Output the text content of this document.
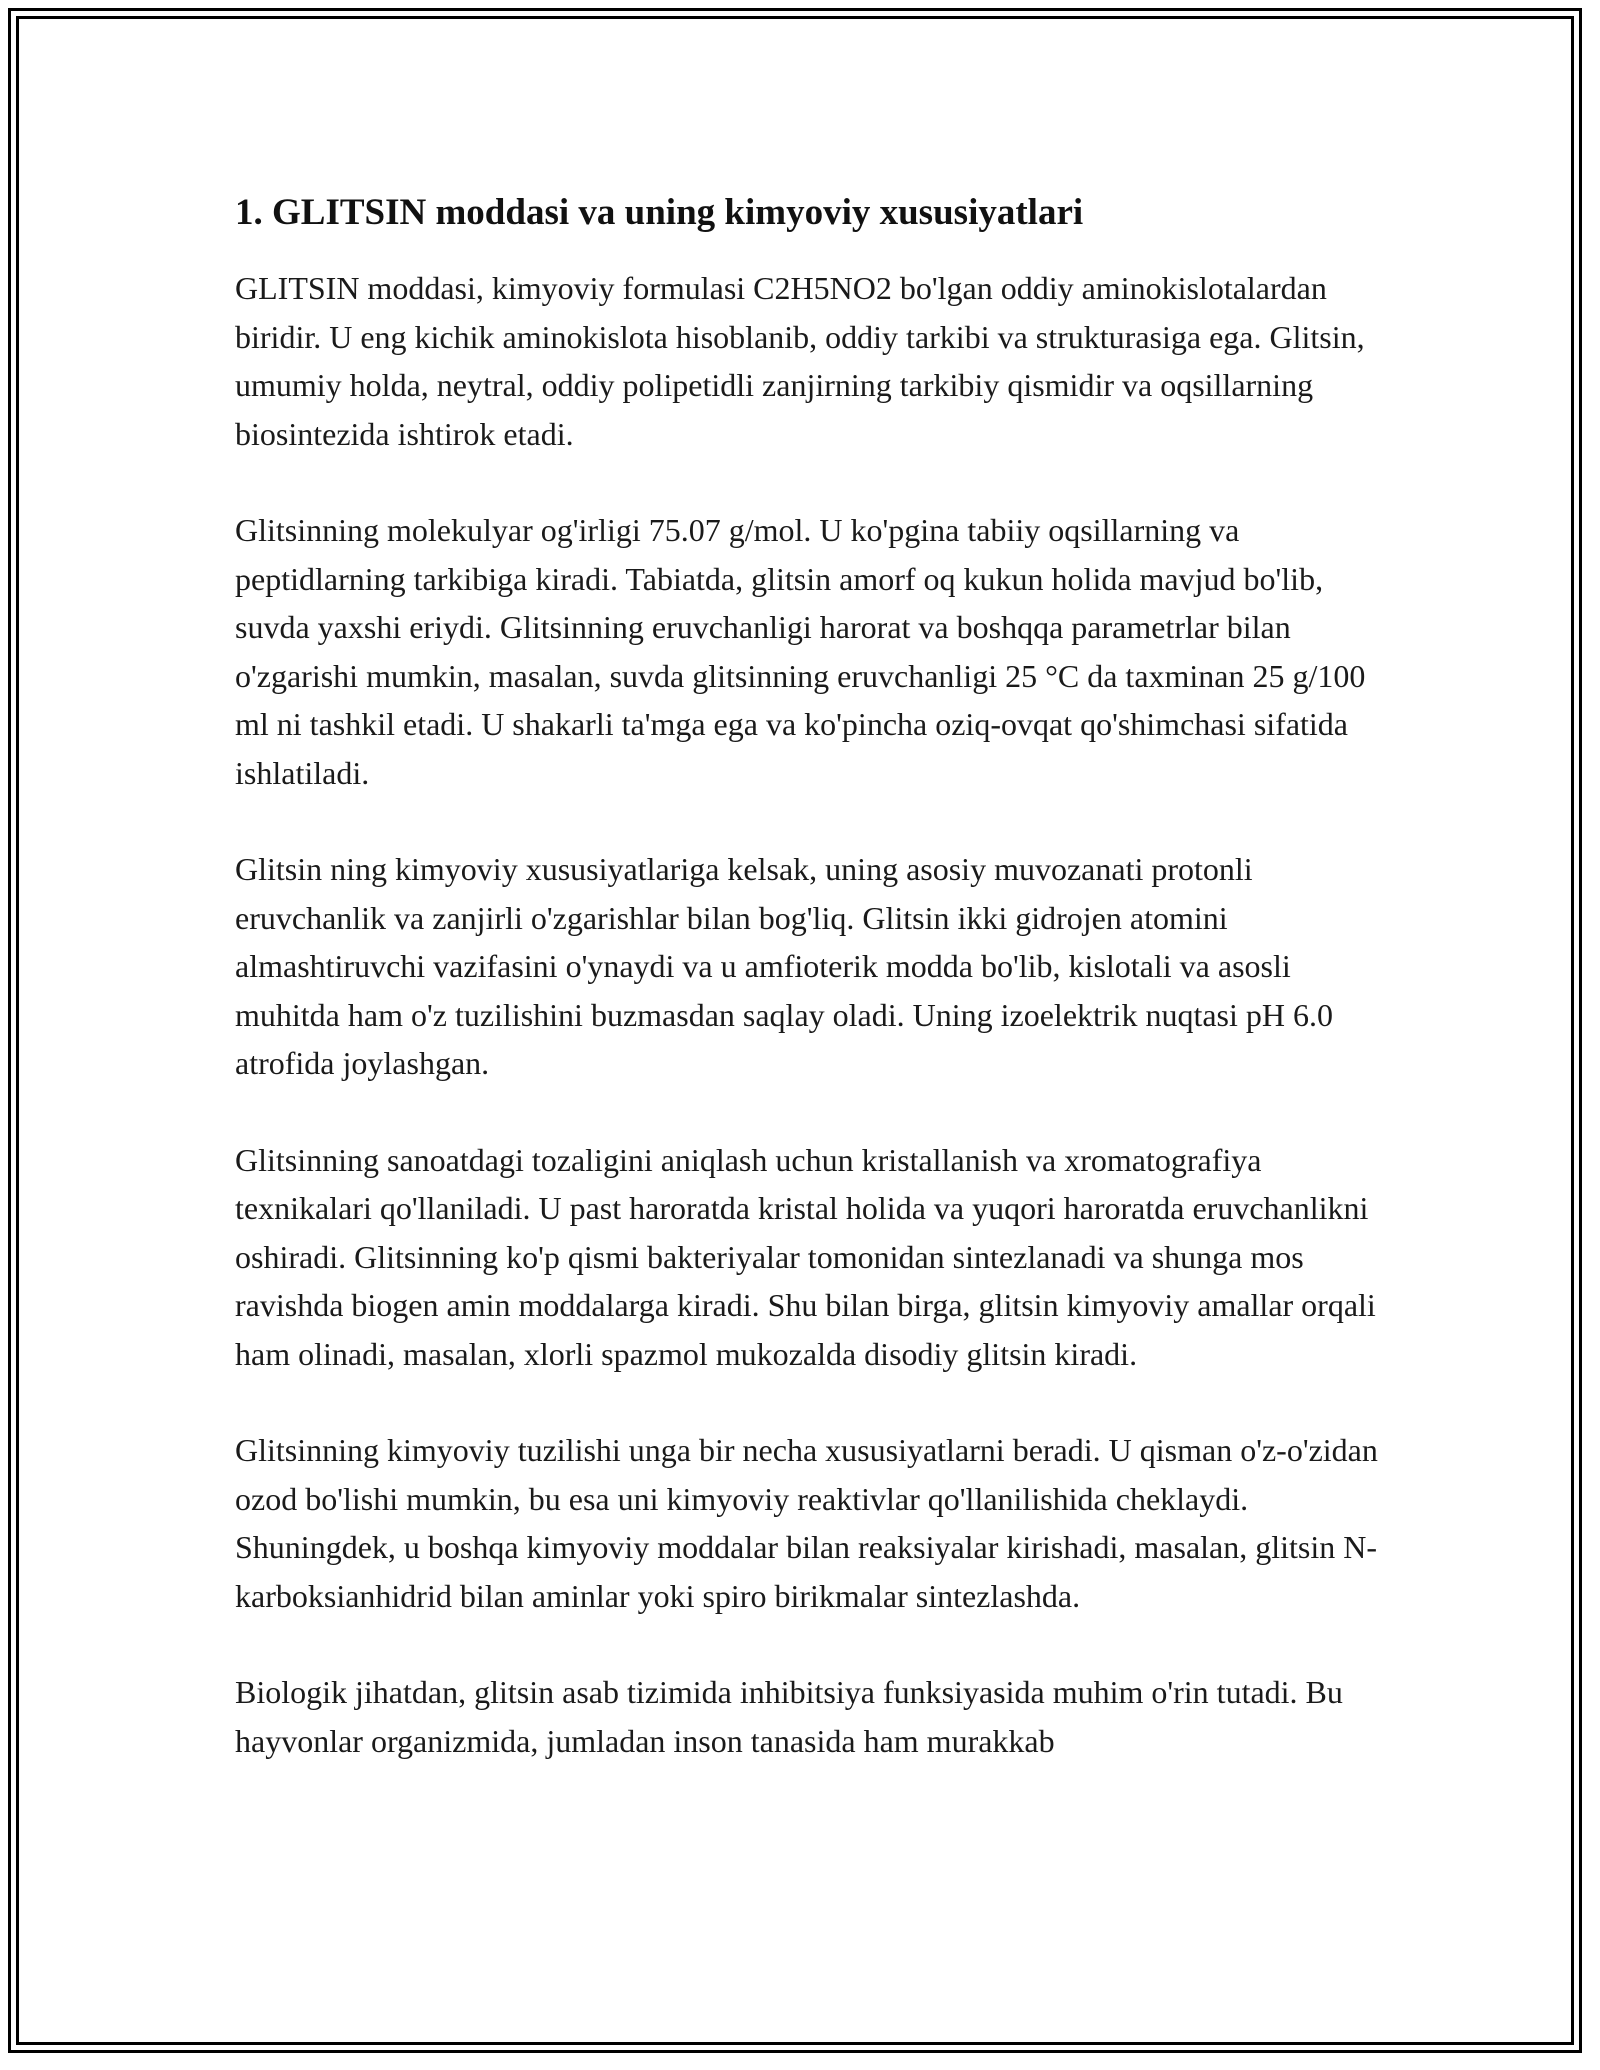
1. GLITSIN moddasi va uning kimyoviy xususiyatlari

GLITSIN moddasi, kimyoviy formulasi C2H5NO2 bo'lgan oddiy aminokislotalardan biridir. U eng kichik aminokislota hisoblanib, oddiy tarkibi va strukturasiga ega. Glitsin, umumiy holda, neytral, oddiy polipetidli zanjirning tarkibiy qismidir va oqsillarning biosintezida ishtirok etadi.

Glitsinning molekulyar og'irligi 75.07 g/mol. U ko'pgina tabiiy oqsillarning va peptidlarning tarkibiga kiradi. Tabiatda, glitsin amorf oq kukun holida mavjud bo'lib, suvda yaxshi eriydi. Glitsinning eruvchanligi harorat va boshqqa parametrlar bilan o'zgarishi mumkin, masalan, suvda glitsinning eruvchanligi 25 °C da taxminan 25 g/100 ml ni tashkil etadi. U shakarli ta'mga ega va ko'pincha oziq-ovqat qo'shimchasi sifatida ishlatiladi.

Glitsin ning kimyoviy xususiyatlariga kelsak, uning asosiy muvozanati protonli eruvchanlik va zanjirli o'zgarishlar bilan bog'liq. Glitsin ikki gidrojen atomini almashtiruvchi vazifasini o'ynaydi va u amfioterik modda bo'lib, kislotali va asosli muhitda ham o'z tuzilishini buzmasdan saqlay oladi. Uning izoelektrik nuqtasi pH 6.0 atrofida joylashgan.

Glitsinning sanoatdagi tozaligini aniqlash uchun kristallanish va xromatografiya texnikalari qo'llaniladi. U past haroratda kristal holida va yuqori haroratda eruvchanlikni oshiradi. Glitsinning ko'p qismi bakteriyalar tomonidan sintezlanadi va shunga mos ravishda biogen amin moddalarga kiradi. Shu bilan birga, glitsin kimyoviy amallar orqali ham olinadi, masalan, xlorli spazmol mukozalda disodiy glitsin kiradi.

Glitsinning kimyoviy tuzilishi unga bir necha xususiyatlarni beradi. U qisman o'z-o'zidan ozod bo'lishi mumkin, bu esa uni kimyoviy reaktivlar qo'llanilishida cheklaydi. Shuningdek, u boshqa kimyoviy moddalar bilan reaksiyalar kirishadi, masalan, glitsin N-karboksianhidrid bilan aminlar yoki spiro birikmalar sintezlashda.

Biologik jihatdan, glitsin asab tizimida inhibitsiya funksiyasida muhim o'rin tutadi. Bu hayvonlar organizmida, jumladan inson tanasida ham murakkab
